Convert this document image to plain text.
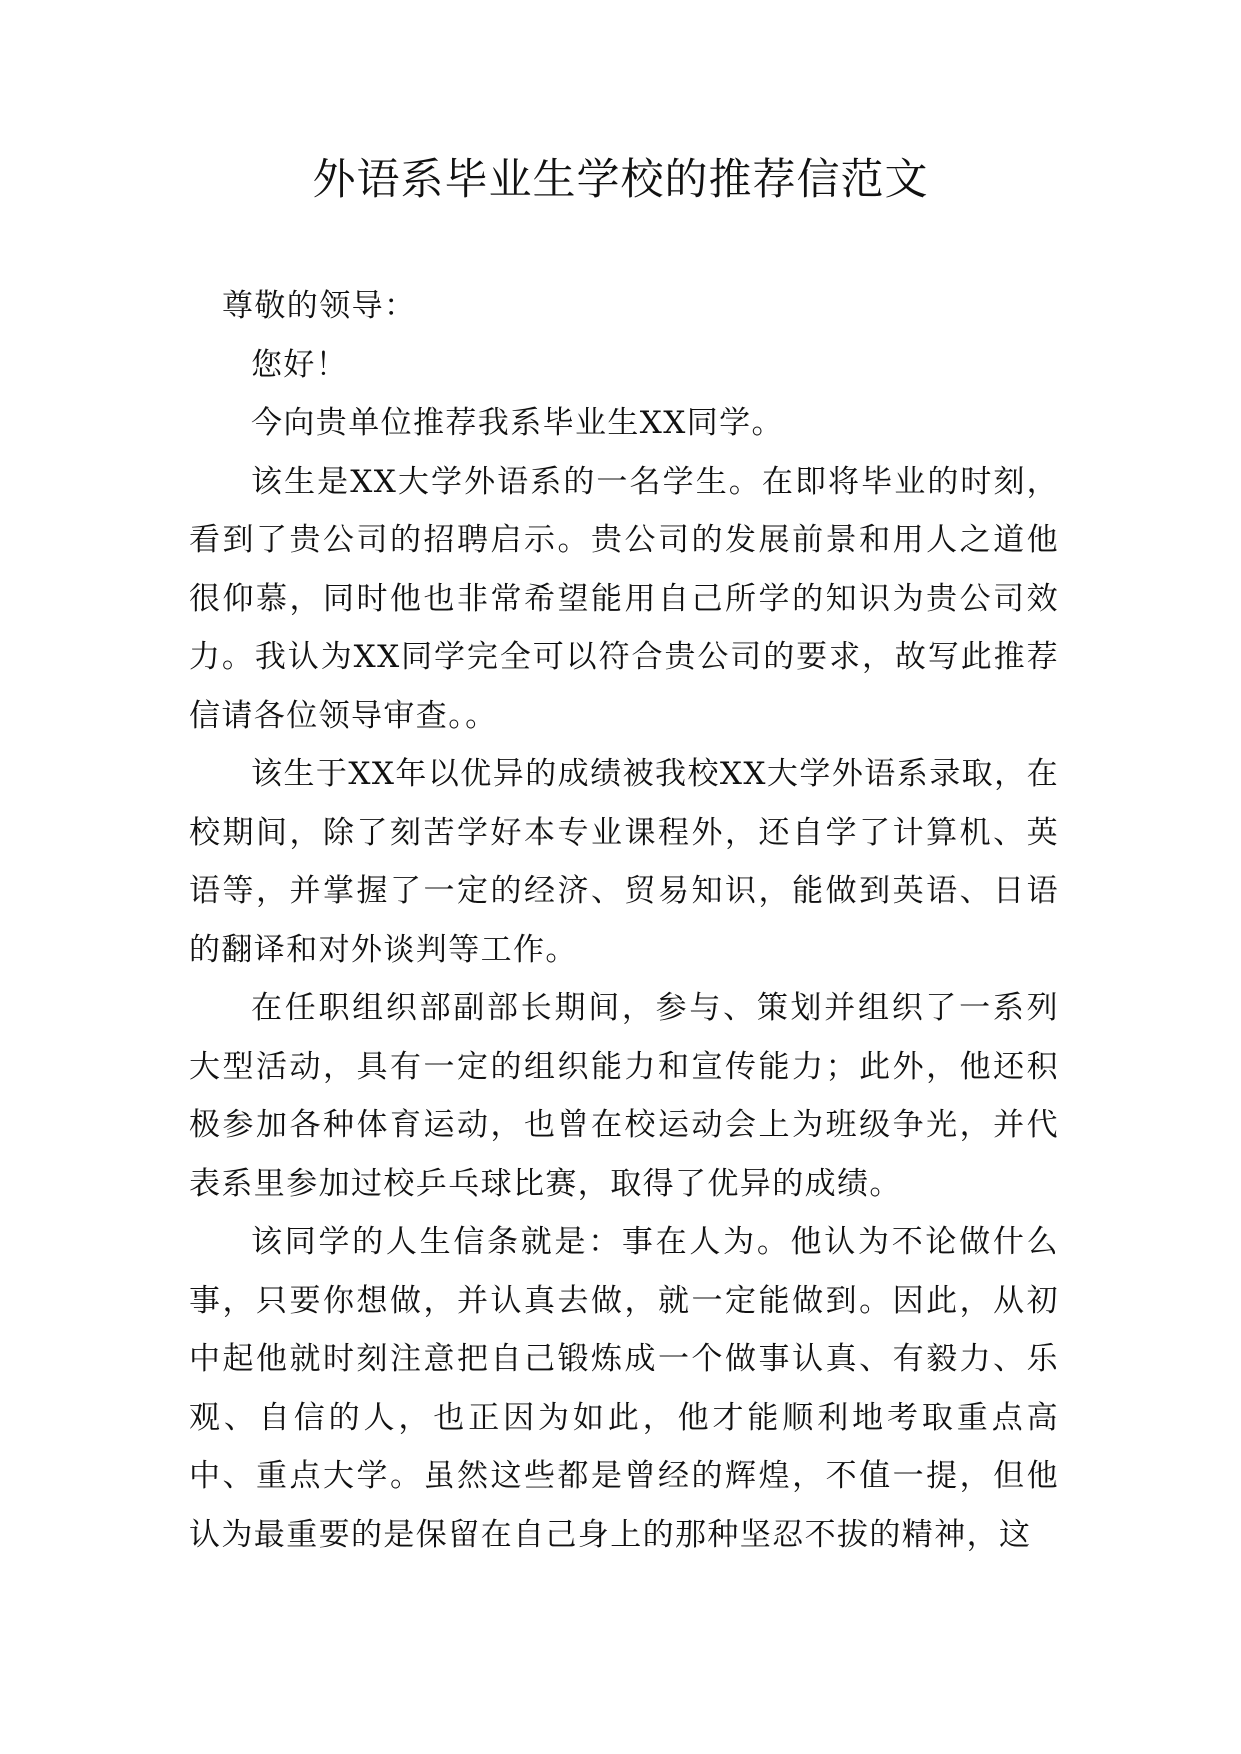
外语系毕业生学校的推荐信范文

尊敬的领导：

您好！

今向贵单位推荐我系毕业生XX同学。

该生是XX大学外语系的一名学生。在即将毕业的时刻，看到了贵公司的招聘启示。贵公司的发展前景和用人之道他很仰慕，同时他也非常希望能用自己所学的知识为贵公司效力。我认为XX同学完全可以符合贵公司的要求，故写此推荐信请各位领导审查。。

该生于XX年以优异的成绩被我校XX大学外语系录取，在校期间，除了刻苦学好本专业课程外，还自学了计算机、英语等，并掌握了一定的经济、贸易知识，能做到英语、日语的翻译和对外谈判等工作。

在任职组织部副部长期间，参与、策划并组织了一系列大型活动，具有一定的组织能力和宣传能力；此外，他还积极参加各种体育运动，也曾在校运动会上为班级争光，并代表系里参加过校乒乓球比赛，取得了优异的成绩。

该同学的人生信条就是：事在人为。他认为不论做什么事，只要你想做，并认真去做，就一定能做到。因此，从初中起他就时刻注意把自己锻炼成一个做事认真、有毅力、乐观、自信的人，也正因为如此，他才能顺利地考取重点高中、重点大学。虽然这些都是曾经的辉煌，不值一提，但他认为最重要的是保留在自己身上的那种坚忍不拔的精神，这
